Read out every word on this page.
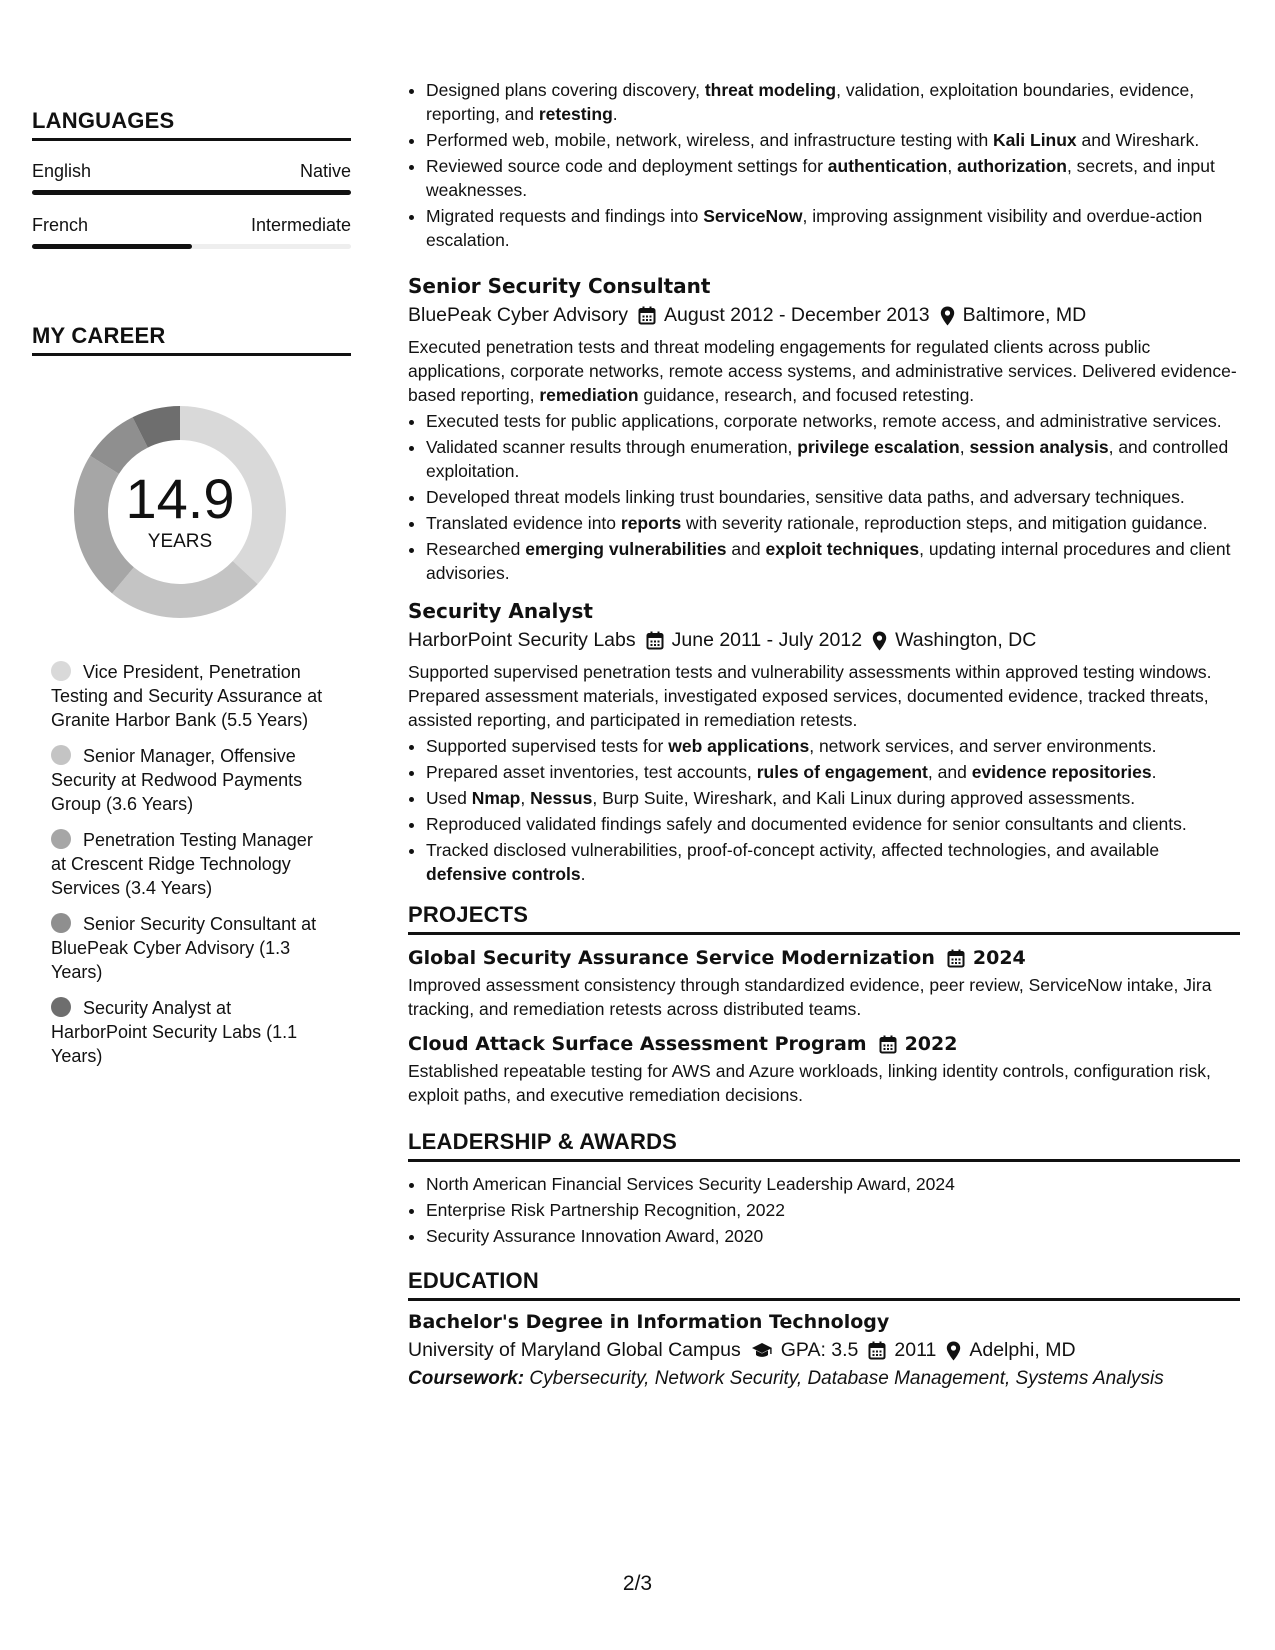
LANGUAGES
English	Native
French	Intermediate
MY CAREER
14.9
YEARS
Vice President, Penetration Testing and Security Assurance at Granite Harbor Bank (5.5 Years)
Senior Manager, Offensive Security at Redwood Payments Group (3.6 Years)
Penetration Testing Manager at Crescent Ridge Technology Services (3.4 Years)
Senior Security Consultant at BluePeak Cyber Advisory (1.3 Years)
Security Analyst at HarborPoint Security Labs (1.1 Years)
• Designed plans covering discovery, threat modeling, validation, exploitation boundaries, evidence, reporting, and retesting.
• Performed web, mobile, network, wireless, and infrastructure testing with Kali Linux and Wireshark.
• Reviewed source code and deployment settings for authentication, authorization, secrets, and input weaknesses.
• Migrated requests and findings into ServiceNow, improving assignment visibility and overdue-action escalation.
Senior Security Consultant
BluePeak Cyber Advisory August 2012 - December 2013 Baltimore, MD
Executed penetration tests and threat modeling engagements for regulated clients across public applications, corporate networks, remote access systems, and administrative services. Delivered evidence-based reporting, remediation guidance, research, and focused retesting.
• Executed tests for public applications, corporate networks, remote access, and administrative services.
• Validated scanner results through enumeration, privilege escalation, session analysis, and controlled exploitation.
• Developed threat models linking trust boundaries, sensitive data paths, and adversary techniques.
• Translated evidence into reports with severity rationale, reproduction steps, and mitigation guidance.
• Researched emerging vulnerabilities and exploit techniques, updating internal procedures and client advisories.
Security Analyst
HarborPoint Security Labs June 2011 - July 2012 Washington, DC
Supported supervised penetration tests and vulnerability assessments within approved testing windows. Prepared assessment materials, investigated exposed services, documented evidence, tracked threats, assisted reporting, and participated in remediation retests.
• Supported supervised tests for web applications, network services, and server environments.
• Prepared asset inventories, test accounts, rules of engagement, and evidence repositories.
• Used Nmap, Nessus, Burp Suite, Wireshark, and Kali Linux during approved assessments.
• Reproduced validated findings safely and documented evidence for senior consultants and clients.
• Tracked disclosed vulnerabilities, proof-of-concept activity, affected technologies, and available defensive controls.
PROJECTS
Global Security Assurance Service Modernization 2024
Improved assessment consistency through standardized evidence, peer review, ServiceNow intake, Jira tracking, and remediation retests across distributed teams.
Cloud Attack Surface Assessment Program 2022
Established repeatable testing for AWS and Azure workloads, linking identity controls, configuration risk, exploit paths, and executive remediation decisions.
LEADERSHIP & AWARDS
• North American Financial Services Security Leadership Award, 2024
• Enterprise Risk Partnership Recognition, 2022
• Security Assurance Innovation Award, 2020
EDUCATION
Bachelor's Degree in Information Technology
University of Maryland Global Campus GPA: 3.5 2011 Adelphi, MD
Coursework: Cybersecurity, Network Security, Database Management, Systems Analysis
2/3
